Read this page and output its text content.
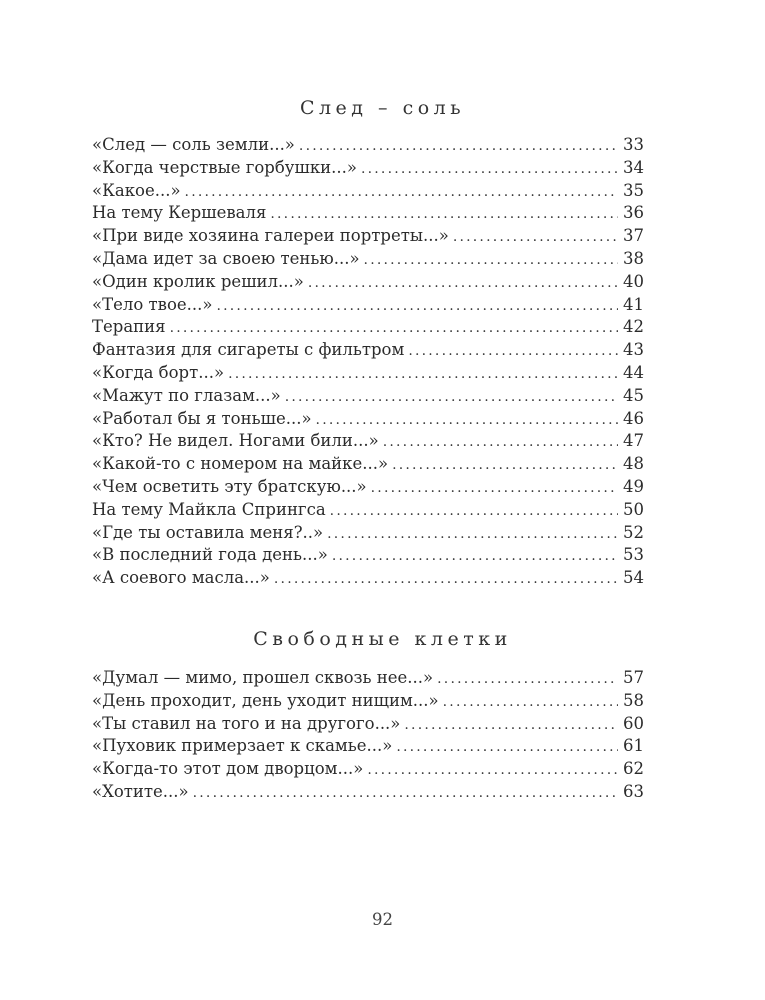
След – соль
«След — соль земли...» .....	33
«Когда черствые горбушки...» .....	34
«Какое...» .....	35
На тему Кершеваля .....	36
«При виде хозяина галереи портреты...» .....	37
«Дама идет за своею тенью...» .....	38
«Один кролик решил...» .....	40
«Тело твое...» .....	41
Терапия .....	42
Фантазия для сигареты с фильтром .....	43
«Когда борт...» .....	44
«Мажут по глазам...» .....	45
«Работал бы я тоньше...» .....	46
«Кто? Не видел. Ногами били...» .....	47
«Какой-то с номером на майке...» .....	48
«Чем осветить эту братскую...» .....	49
На тему Майкла Спрингса .....	50
«Где ты оставила меня?..» .....	52
«В последний года день...» .....	53
«А соевого масла...» .....	54
Свободные клетки
«Думал — мимо, прошел сквозь нее...» .....	57
«День проходит, день уходит нищим...» .....	58
«Ты ставил на того и на другого...» .....	60
«Пуховик примерзает к скамье...» .....	61
«Когда-то этот дом дворцом...» .....	62
«Хотите...» .....	63
92
